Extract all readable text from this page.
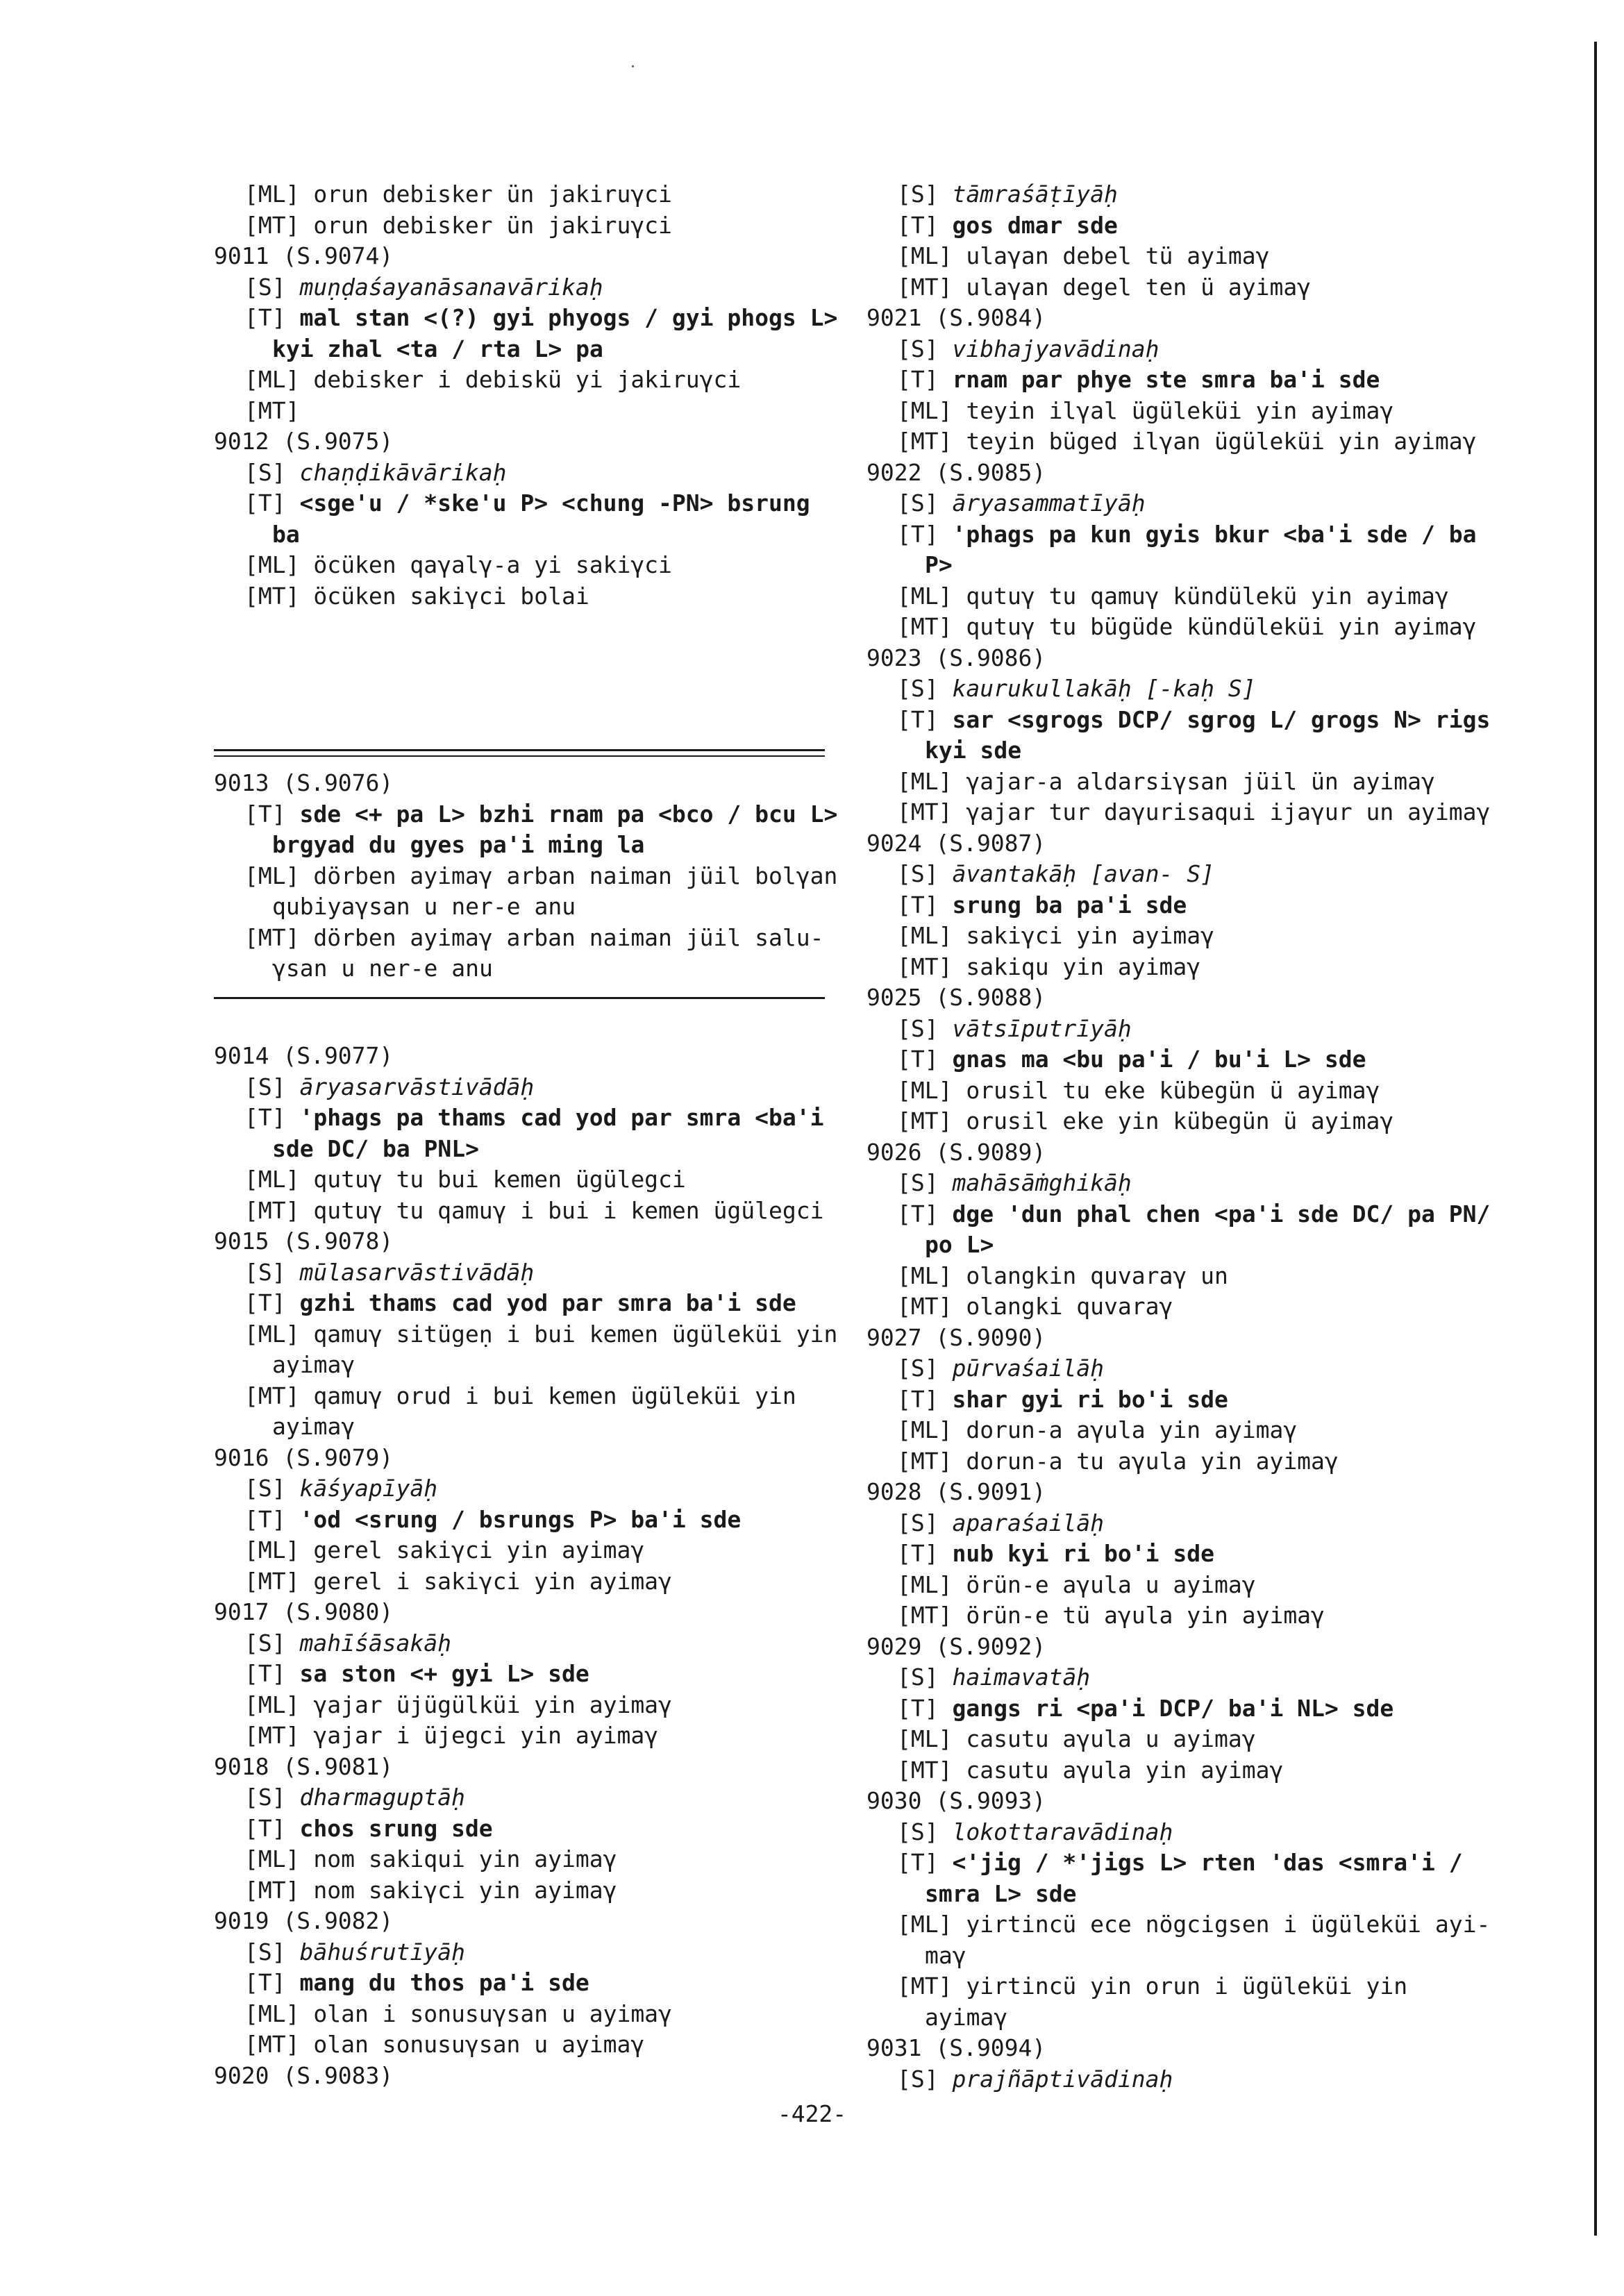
[ML] orun debisker ün jakiruγci
[MT] orun debisker ün jakiruγci
9011 (S.9074)
[S] muṇḍaśayanāsanavārikaḥ
[T] mal stan <(?) gyi phyogs / gyi phogs L>
kyi zhal <ta / rta L> pa
[ML] debisker i debiskü yi jakiruγci
[MT]
9012 (S.9075)
[S] chaṇḍikāvārikaḥ
[T] <sge'u / *ske'u P> <chung -PN> bsrung
ba
[ML] öcüken qaγalγ-a yi sakiγci
[MT] öcüken sakiγci bolai
9013 (S.9076)
[T] sde <+ pa L> bzhi rnam pa <bco / bcu L>
brgyad du gyes pa'i ming la
[ML] dörben ayimaγ arban naiman jüil bolγan
qubiyaγsan u ner-e anu
[MT] dörben ayimaγ arban naiman jüil salu-
γsan u ner-e anu
9014 (S.9077)
[S] āryasarvāstivādāḥ
[T] 'phags pa thams cad yod par smra <ba'i
sde DC/ ba PNL>
[ML] qutuγ tu bui kemen ügülegci
[MT] qutuγ tu qamuγ i bui i kemen ügülegci
9015 (S.9078)
[S] mūlasarvāstivādāḥ
[T] gzhi thams cad yod par smra ba'i sde
[ML] qamuγ sitügeṇ i bui kemen ügüleküi yin
ayimaγ
[MT] qamuγ orud i bui kemen ügüleküi yin
ayimaγ
9016 (S.9079)
[S] kāśyapīyāḥ
[T] 'od <srung / bsrungs P> ba'i sde
[ML] gerel sakiγci yin ayimaγ
[MT] gerel i sakiγci yin ayimaγ
9017 (S.9080)
[S] mahīśāsakāḥ
[T] sa ston <+ gyi L> sde
[ML] γajar üjügülküi yin ayimaγ
[MT] γajar i üjegci yin ayimaγ
9018 (S.9081)
[S] dharmaguptāḥ
[T] chos srung sde
[ML] nom sakiqui yin ayimaγ
[MT] nom sakiγci yin ayimaγ
9019 (S.9082)
[S] bāhuśrutīyāḥ
[T] mang du thos pa'i sde
[ML] olan i sonusuγsan u ayimaγ
[MT] olan sonusuγsan u ayimaγ
9020 (S.9083)
[S] tāmraśāṭīyāḥ
[T] gos dmar sde
[ML] ulaγan debel tü ayimaγ
[MT] ulaγan degel ten ü ayimaγ
9021 (S.9084)
[S] vibhajyavādinaḥ
[T] rnam par phye ste smra ba'i sde
[ML] teyin ilγal ügüleküi yin ayimaγ
[MT] teyin büged ilγan ügüleküi yin ayimaγ
9022 (S.9085)
[S] āryasammatīyāḥ
[T] 'phags pa kun gyis bkur <ba'i sde / ba
P>
[ML] qutuγ tu qamuγ kündülekü yin ayimaγ
[MT] qutuγ tu bügüde kündüleküi yin ayimaγ
9023 (S.9086)
[S] kaurukullakāḥ [-kaḥ S]
[T] sar <sgrogs DCP/ sgrog L/ grogs N> rigs
kyi sde
[ML] γajar-a aldarsiγsan jüil ün ayimaγ
[MT] γajar tur daγurisaqui ijaγur un ayimaγ
9024 (S.9087)
[S] āvantakāḥ [avan- S]
[T] srung ba pa'i sde
[ML] sakiγci yin ayimaγ
[MT] sakiqu yin ayimaγ
9025 (S.9088)
[S] vātsīputrīyāḥ
[T] gnas ma <bu pa'i / bu'i L> sde
[ML] orusil tu eke kübegün ü ayimaγ
[MT] orusil eke yin kübegün ü ayimaγ
9026 (S.9089)
[S] mahāsāṁghikāḥ
[T] dge 'dun phal chen <pa'i sde DC/ pa PN/
po L>
[ML] olangkin quvaraγ un
[MT] olangki quvaraγ
9027 (S.9090)
[S] pūrvaśailāḥ
[T] shar gyi ri bo'i sde
[ML] dorun-a aγula yin ayimaγ
[MT] dorun-a tu aγula yin ayimaγ
9028 (S.9091)
[S] aparaśailāḥ
[T] nub kyi ri bo'i sde
[ML] örün-e aγula u ayimaγ
[MT] örün-e tü aγula yin ayimaγ
9029 (S.9092)
[S] haimavatāḥ
[T] gangs ri <pa'i DCP/ ba'i NL> sde
[ML] casutu aγula u ayimaγ
[MT] casutu aγula yin ayimaγ
9030 (S.9093)
[S] lokottaravādinaḥ
[T] <'jig / *'jigs L> rten 'das <smra'i /
smra L> sde
[ML] yirtincü ece nögcigsen i ügüleküi ayi-
maγ
[MT] yirtincü yin orun i ügüleküi yin
ayimaγ
9031 (S.9094)
[S] prajñāptivādinaḥ
-422-
